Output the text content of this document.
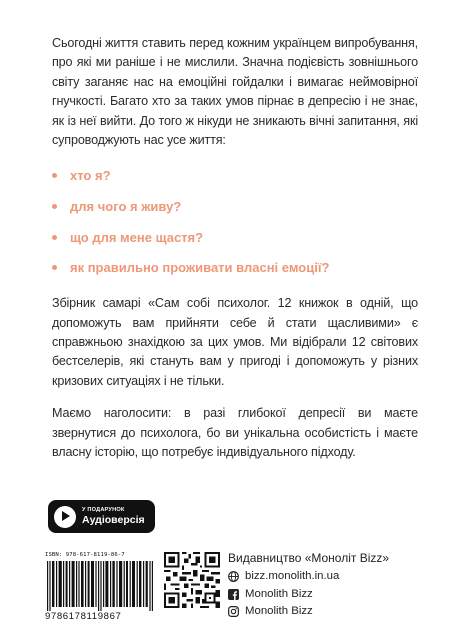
Сьогодні життя ставить перед кожним українцем випробування, про які ми раніше і не мислили. Значна подієвість зовнішнього світу заганяє нас на емоційні гойдалки і вимагає неймовірної гнучкості. Багато хто за таких умов пірнає в депресію і не знає, як із неї вийти. До того ж нікуди не зникають вічні запитання, які супроводжують нас усе життя:

хто я?
для чого я живу?
що для мене щастя?
як правильно проживати власні емоції?

Збірник самарі «Сам собі психолог. 12 книжок в одній, що допоможуть вам прийняти себе й стати щасливими» є справжньою знахідкою за цих умов. Ми відібрали 12 світових бестселерів, які стануть вам у пригоді і допоможуть у різних кризових ситуаціях і не тільки.

Маємо наголосити: в разі глибокої депресії ви маєте звернутися до психолога, бо ви унікальна особистість і маєте власну історію, що потребує індивідуального підходу.

У ПОДАРУНОК
Аудіоверсія
ISBN: 978-617-8119-86-7
9786178119867
Видавництво «Моноліт Bizz»
bizz.monolith.in.ua
Monolith Bizz
Monolith Bizz
